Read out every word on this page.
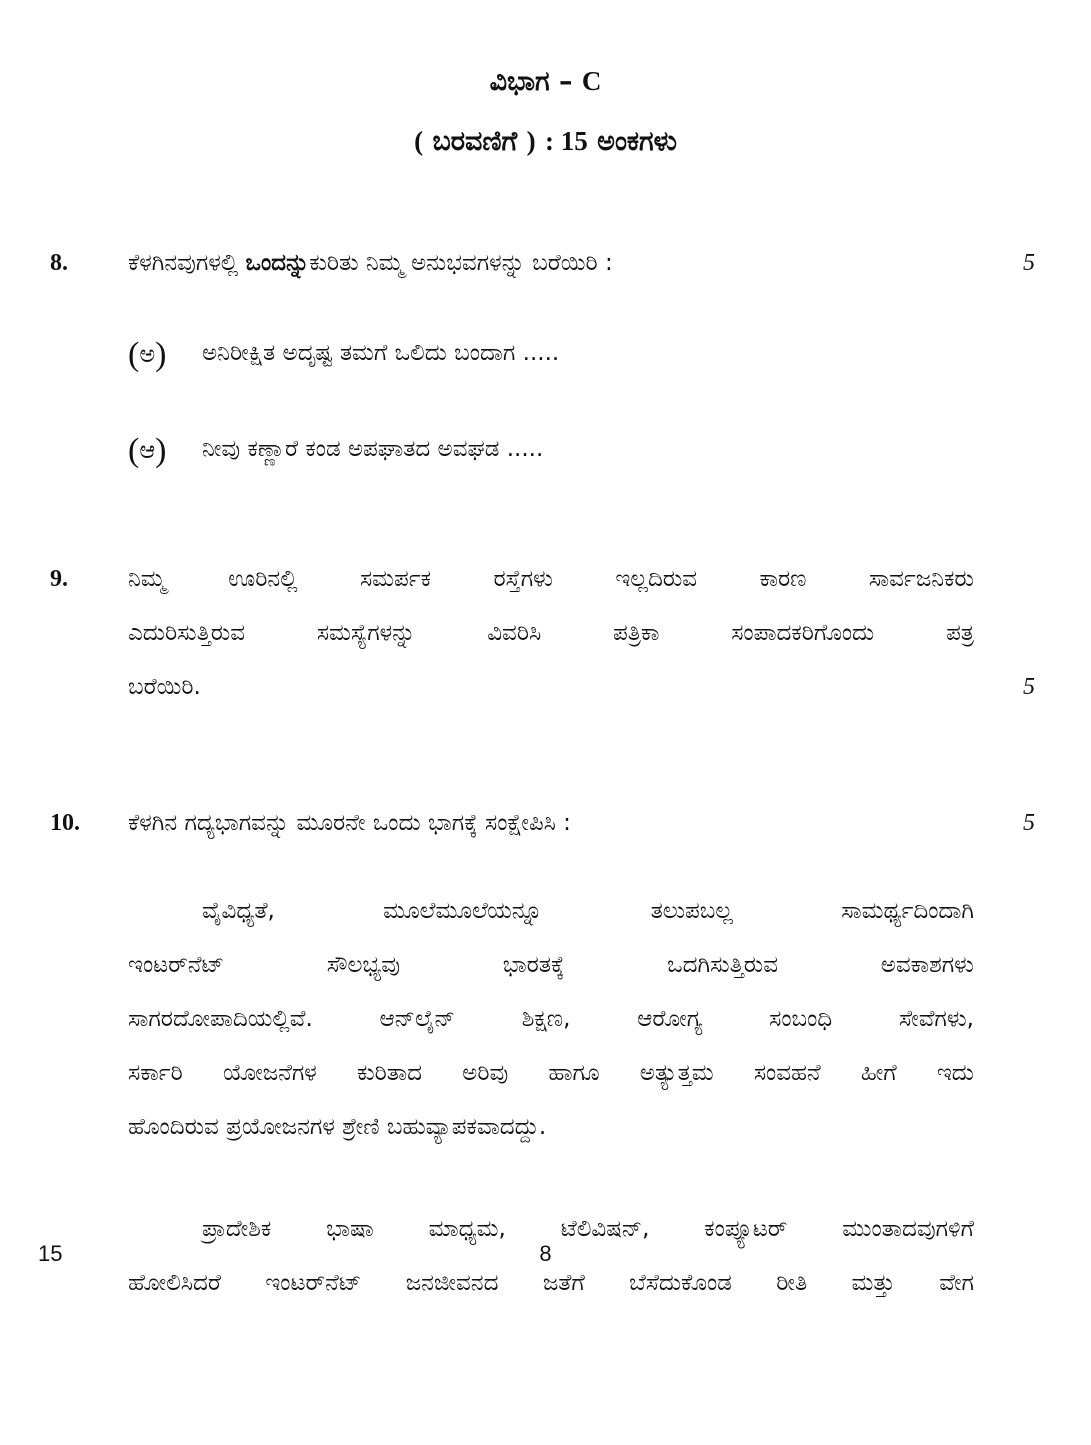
ವಿಭಾಗ – C
( ಬರವಣಿಗೆ ) : 15 ಅಂಕಗಳು
8.	ಕೆಳಗಿನವುಗಳಲ್ಲಿ ಒಂದನ್ನುಕುರಿತು ನಿಮ್ಮ ಅನುಭವಗಳನ್ನು ಬರೆಯಿರಿ :	5
(ಅ) ಅನಿರೀಕ್ಷಿತ ಅದೃಷ್ಟ ತಮಗೆ ಒಲಿದು ಬಂದಾಗ .....
(ಆ) ನೀವು ಕಣ್ಣಾರೆ ಕಂಡ ಅಪಘಾತದ ಅವಘಡ .....
9.	ನಿಮ್ಮ	ಊರಿನಲ್ಲಿ	ಸಮರ್ಪಕ	ರಸ್ತೆಗಳು	ಇಲ್ಲದಿರುವ	ಕಾರಣ	ಸಾರ್ವಜನಿಕರು
ಎದುರಿಸುತ್ತಿರುವ	ಸಮಸ್ಯೆಗಳನ್ನು	ವಿವರಿಸಿ	ಪತ್ರಿಕಾ	ಸಂಪಾದಕರಿಗೊಂದು	ಪತ್ರ
ಬರೆಯಿರಿ.	5
10. ಕೆಳಗಿನ ಗದ್ಯಭಾಗವನ್ನು ಮೂರನೇ ಒಂದು ಭಾಗಕ್ಕೆ ಸಂಕ್ಷೇಪಿಸಿ :	5
ವೈವಿಧ್ಯತೆ,	ಮೂಲೆಮೂಲೆಯನ್ನೂ	ತಲುಪಬಲ್ಲ	ಸಾಮರ್ಥ್ಯದಿಂದಾಗಿ
ಇಂಟರ್‌ನೆಟ್	ಸೌಲಭ್ಯವು	ಭಾರತಕ್ಕೆ	ಒದಗಿಸುತ್ತಿರುವ	ಅವಕಾಶಗಳು
ಸಾಗರದೋಪಾದಿಯಲ್ಲಿವೆ.	ಆನ್‌ಲೈನ್	ಶಿಕ್ಷಣ,	ಆರೋಗ್ಯ	ಸಂಬಂಧಿ	ಸೇವೆಗಳು,
ಸರ್ಕಾರಿ ಯೋಜನೆಗಳ ಕುರಿತಾದ ಅರಿವು ಹಾಗೂ ಅತ್ಯುತ್ತಮ ಸಂವಹನೆ ಹೀಗೆ ಇದು
ಹೊಂದಿರುವ ಪ್ರಯೋಜನಗಳ ಶ್ರೇಣಿ ಬಹುವ್ಯಾಪಕವಾದದ್ದು.
ಪ್ರಾದೇಶಿಕ ಭಾಷಾ ಮಾಧ್ಯಮ, ಟೆಲಿವಿಷನ್, ಕಂಪ್ಯೂಟರ್ ಮುಂತಾದವುಗಳಿಗೆ
ಹೋಲಿಸಿದರೆ ಇಂಟರ್‌ನೆಟ್ ಜನಜೀವನದ ಜತೆಗೆ ಬೆಸೆದುಕೊಂಡ ರೀತಿ ಮತ್ತು ವೇಗ
15	8
